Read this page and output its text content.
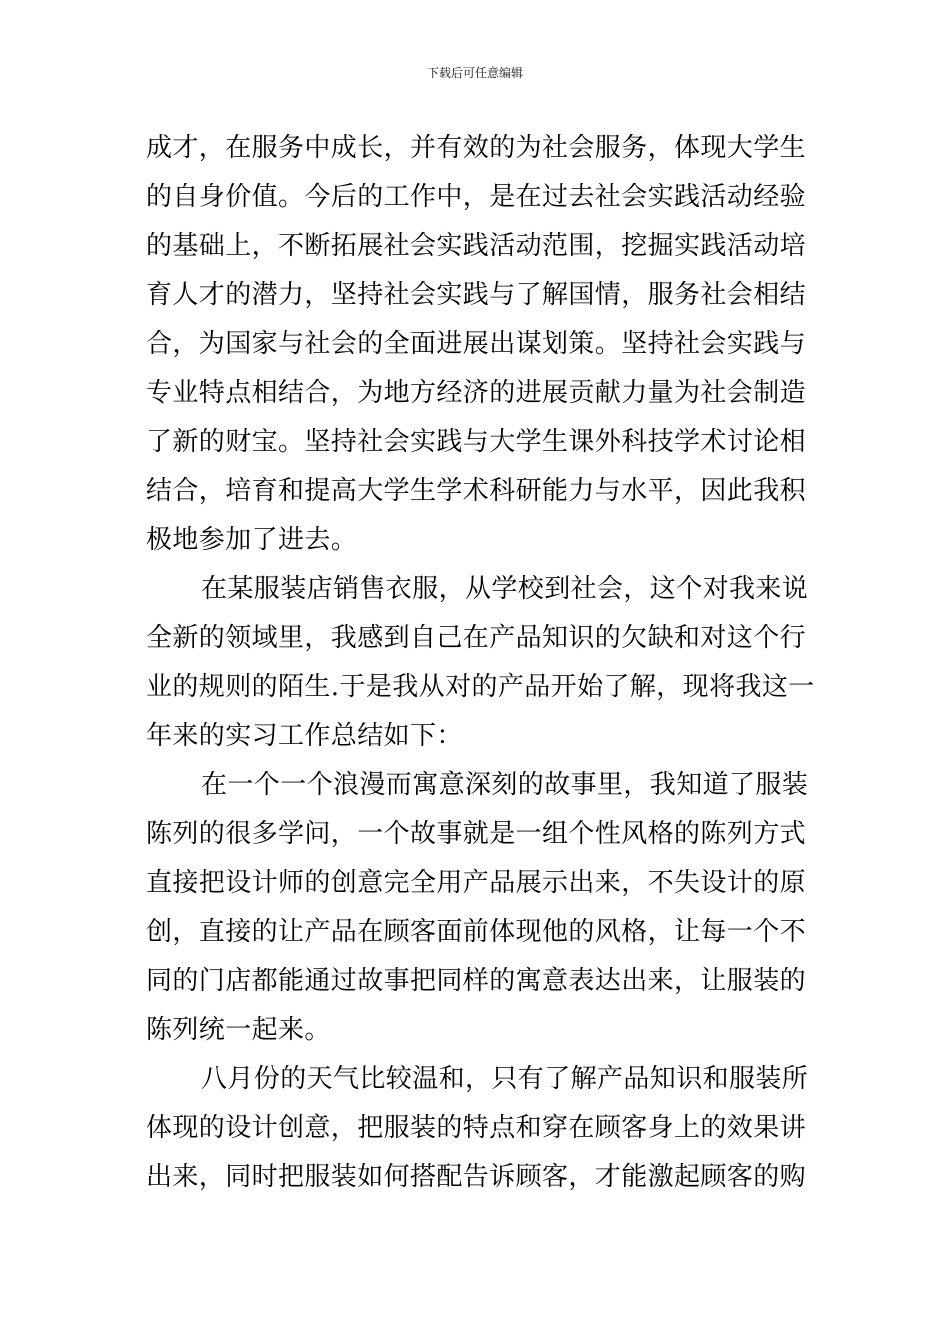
下载后可任意编辑
成才，在服务中成长，并有效的为社会服务，体现大学生
的自身价值。今后的工作中，是在过去社会实践活动经验
的基础上，不断拓展社会实践活动范围，挖掘实践活动培
育人才的潜力，坚持社会实践与了解国情，服务社会相结
合，为国家与社会的全面进展出谋划策。坚持社会实践与
专业特点相结合，为地方经济的进展贡献力量为社会制造
了新的财宝。坚持社会实践与大学生课外科技学术讨论相
结合，培育和提高大学生学术科研能力与水平，因此我积
极地参加了进去。
在某服装店销售衣服，从学校到社会，这个对我来说
全新的领域里，我感到自己在产品知识的欠缺和对这个行
业的规则的陌生.于是我从对的产品开始了解，现将我这一
年来的实习工作总结如下：
在一个一个浪漫而寓意深刻的故事里，我知道了服装
陈列的很多学问，一个故事就是一组个性风格的陈列方式
直接把设计师的创意完全用产品展示出来，不失设计的原
创，直接的让产品在顾客面前体现他的风格，让每一个不
同的门店都能通过故事把同样的寓意表达出来，让服装的
陈列统一起来。
八月份的天气比较温和，只有了解产品知识和服装所
体现的设计创意，把服装的特点和穿在顾客身上的效果讲
出来，同时把服装如何搭配告诉顾客，才能激起顾客的购
